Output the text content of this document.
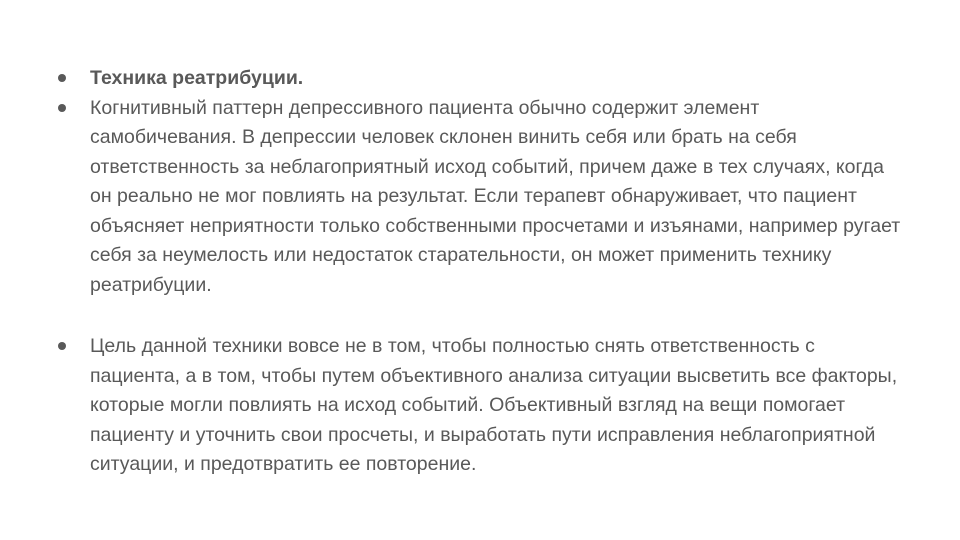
Техника реатрибуции.
Когнитивный паттерн депрессивного пациента обычно содержит элемент самобичевания. В депрессии человек склонен винить себя или брать на себя ответственность за неблагоприятный исход событий, причем даже в тех случаях, когда он реально не мог повлиять на результат. Если терапевт обнаруживает, что пациент объясняет неприятности только собственными просчетами и изъянами, например ругает себя за неумелость или недостаток старательности, он может применить технику реатрибуции.
Цель данной техники вовсе не в том, чтобы полностью снять ответственность с пациента, а в том, чтобы путем объективного анализа ситуации высветить все факторы, которые могли повлиять на исход событий. Объективный взгляд на вещи помогает пациенту и уточнить свои просчеты, и выработать пути исправления неблагоприятной ситуации, и предотвратить ее повторение.
